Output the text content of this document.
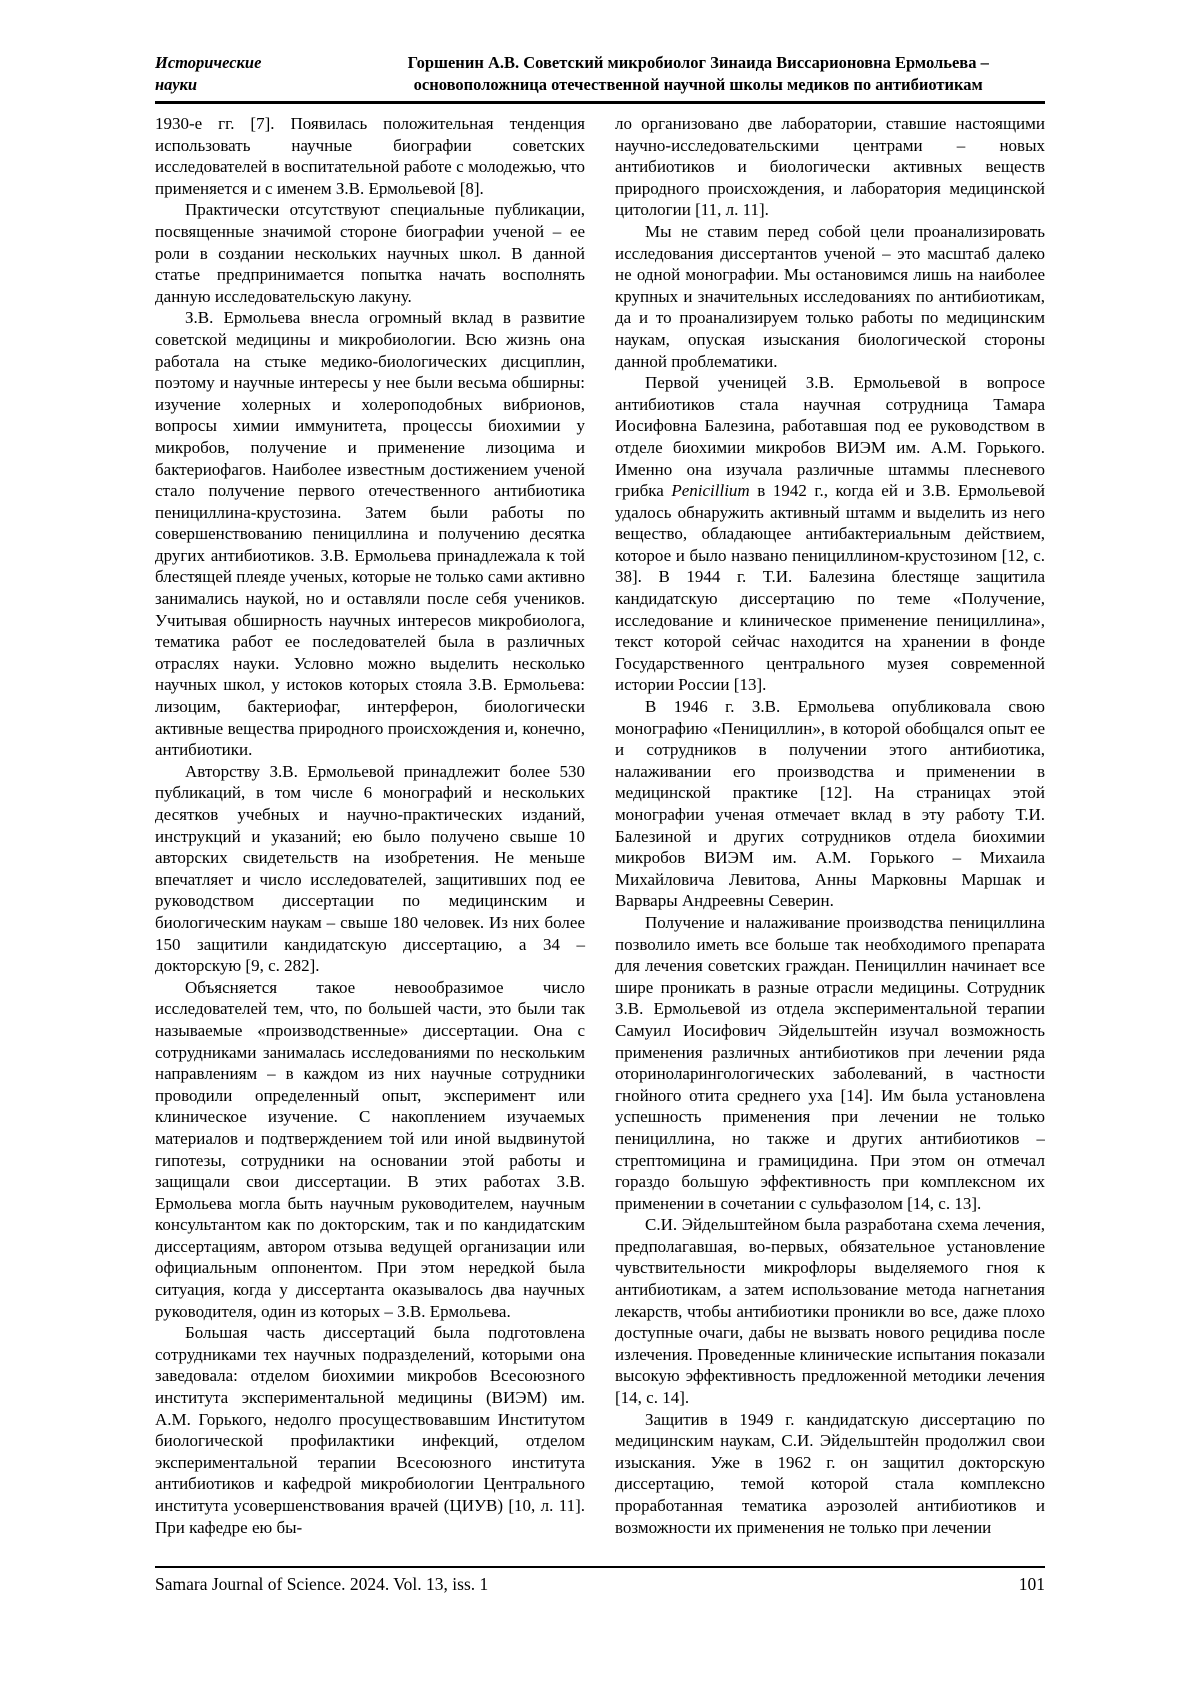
Исторические
науки
Горшенин А.В. Советский микробиолог Зинаида Виссарионовна Ермольева –
основоположница отечественной научной школы медиков по антибиотикам

1930-е гг. [7]. Появилась положительная тенденция использовать научные биографии советских исследователей в воспитательной работе с молодежью, что применяется и с именем З.В. Ермольевой [8].

Практически отсутствуют специальные публикации, посвященные значимой стороне биографии ученой – ее роли в создании нескольких научных школ. В данной статье предпринимается попытка начать восполнять данную исследовательскую лакуну.

З.В. Ермольева внесла огромный вклад в развитие советской медицины и микробиологии. Всю жизнь она работала на стыке медико-биологических дисциплин, поэтому и научные интересы у нее были весьма обширны: изучение холерных и холероподобных вибрионов, вопросы химии иммунитета, процессы биохимии у микробов, получение и применение лизоцима и бактериофагов. Наиболее известным достижением ученой стало получение первого отечественного антибиотика пенициллина-крустозина. Затем были работы по совершенствованию пенициллина и получению десятка других антибиотиков. З.В. Ермольева принадлежала к той блестящей плеяде ученых, которые не только сами активно занимались наукой, но и оставляли после себя учеников. Учитывая обширность научных интересов микробиолога, тематика работ ее последователей была в различных отраслях науки. Условно можно выделить несколько научных школ, у истоков которых стояла З.В. Ермольева: лизоцим, бактериофаг, интерферон, биологически активные вещества природного происхождения и, конечно, антибиотики.

Авторству З.В. Ермольевой принадлежит более 530 публикаций, в том числе 6 монографий и нескольких десятков учебных и научно-практических изданий, инструкций и указаний; ею было получено свыше 10 авторских свидетельств на изобретения. Не меньше впечатляет и число исследователей, защитивших под ее руководством диссертации по медицинским и биологическим наукам – свыше 180 человек. Из них более 150 защитили кандидатскую диссертацию, а 34 – докторскую [9, с. 282].

Объясняется такое невообразимое число исследователей тем, что, по большей части, это были так называемые «производственные» диссертации. Она с сотрудниками занималась исследованиями по нескольким направлениям – в каждом из них научные сотрудники проводили определенный опыт, эксперимент или клиническое изучение. С накоплением изучаемых материалов и подтверждением той или иной выдвинутой гипотезы, сотрудники на основании этой работы и защищали свои диссертации. В этих работах З.В. Ермольева могла быть научным руководителем, научным консультантом как по докторским, так и по кандидатским диссертациям, автором отзыва ведущей организации или официальным оппонентом. При этом нередкой была ситуация, когда у диссертанта оказывалось два научных руководителя, один из которых – З.В. Ермольева.

Большая часть диссертаций была подготовлена сотрудниками тех научных подразделений, которыми она заведовала: отделом биохимии микробов Всесоюзного института экспериментальной медицины (ВИЭМ) им. А.М. Горького, недолго просуществовавшим Институтом биологической профилактики инфекций, отделом экспериментальной терапии Всесоюзного института антибиотиков и кафедрой микробиологии Центрального института усовершенствования врачей (ЦИУВ) [10, л. 11]. При кафедре ею бы-

ло организовано две лаборатории, ставшие настоящими научно-исследовательскими центрами – новых антибиотиков и биологически активных веществ природного происхождения, и лаборатория медицинской цитологии [11, л. 11].

Мы не ставим перед собой цели проанализировать исследования диссертантов ученой – это масштаб далеко не одной монографии. Мы остановимся лишь на наиболее крупных и значительных исследованиях по антибиотикам, да и то проанализируем только работы по медицинским наукам, опуская изыскания биологической стороны данной проблематики.

Первой ученицей З.В. Ермольевой в вопросе антибиотиков стала научная сотрудница Тамара Иосифовна Балезина, работавшая под ее руководством в отделе биохимии микробов ВИЭМ им. А.М. Горького. Именно она изучала различные штаммы плесневого грибка Penicillium в 1942 г., когда ей и З.В. Ермольевой удалось обнаружить активный штамм и выделить из него вещество, обладающее антибактериальным действием, которое и было названо пенициллином-крустозином [12, с. 38]. В 1944 г. Т.И. Балезина блестяще защитила кандидатскую диссертацию по теме «Получение, исследование и клиническое применение пенициллина», текст которой сейчас находится на хранении в фонде Государственного центрального музея современной истории России [13].

В 1946 г. З.В. Ермольева опубликовала свою монографию «Пенициллин», в которой обобщался опыт ее и сотрудников в получении этого антибиотика, налаживании его производства и применении в медицинской практике [12]. На страницах этой монографии ученая отмечает вклад в эту работу Т.И. Балезиной и других сотрудников отдела биохимии микробов ВИЭМ им. А.М. Горького – Михаила Михайловича Левитова, Анны Марковны Маршак и Варвары Андреевны Северин.

Получение и налаживание производства пенициллина позволило иметь все больше так необходимого препарата для лечения советских граждан. Пенициллин начинает все шире проникать в разные отрасли медицины. Сотрудник З.В. Ермольевой из отдела экспериментальной терапии Самуил Иосифович Эйдельштейн изучал возможность применения различных антибиотиков при лечении ряда оториноларингологических заболеваний, в частности гнойного отита среднего уха [14]. Им была установлена успешность применения при лечении не только пенициллина, но также и других антибиотиков – стрептомицина и грамицидина. При этом он отмечал гораздо большую эффективность при комплексном их применении в сочетании с сульфазолом [14, с. 13].

С.И. Эйдельштейном была разработана схема лечения, предполагавшая, во-первых, обязательное установление чувствительности микрофлоры выделяемого гноя к антибиотикам, а затем использование метода нагнетания лекарств, чтобы антибиотики проникли во все, даже плохо доступные очаги, дабы не вызвать нового рецидива после излечения. Проведенные клинические испытания показали высокую эффективность предложенной методики лечения [14, с. 14].

Защитив в 1949 г. кандидатскую диссертацию по медицинским наукам, С.И. Эйдельштейн продолжил свои изыскания. Уже в 1962 г. он защитил докторскую диссертацию, темой которой стала комплексно проработанная тематика аэрозолей антибиотиков и возможности их применения не только при лечении

Samara Journal of Science. 2024. Vol. 13, iss. 1	101
